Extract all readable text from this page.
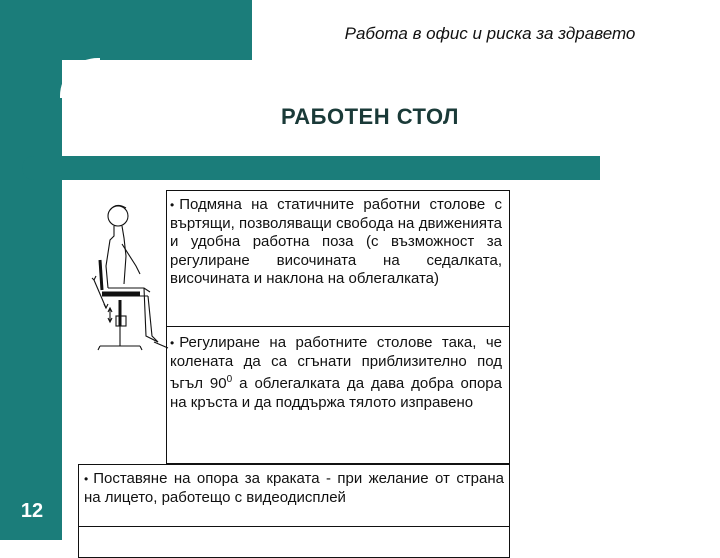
Работа в офис и риска за здравето
РАБОТЕН СТОЛ
12
• Подмяна на статичните работни столове с въртящи, позволяващи свобода на движенията и удобна работна поза (с възможност за регулиране височината на седалката, височината и наклона на облегалката)
• Регулиране на работните столове така, че колената да са сгънати приблизително под ъгъл $90^0$ а облегалката да дава добра опора на кръста и да поддържа тялото изправено
• Поставяне на опора за краката - при желание от страна на лицето, работещо с видеодисплей
